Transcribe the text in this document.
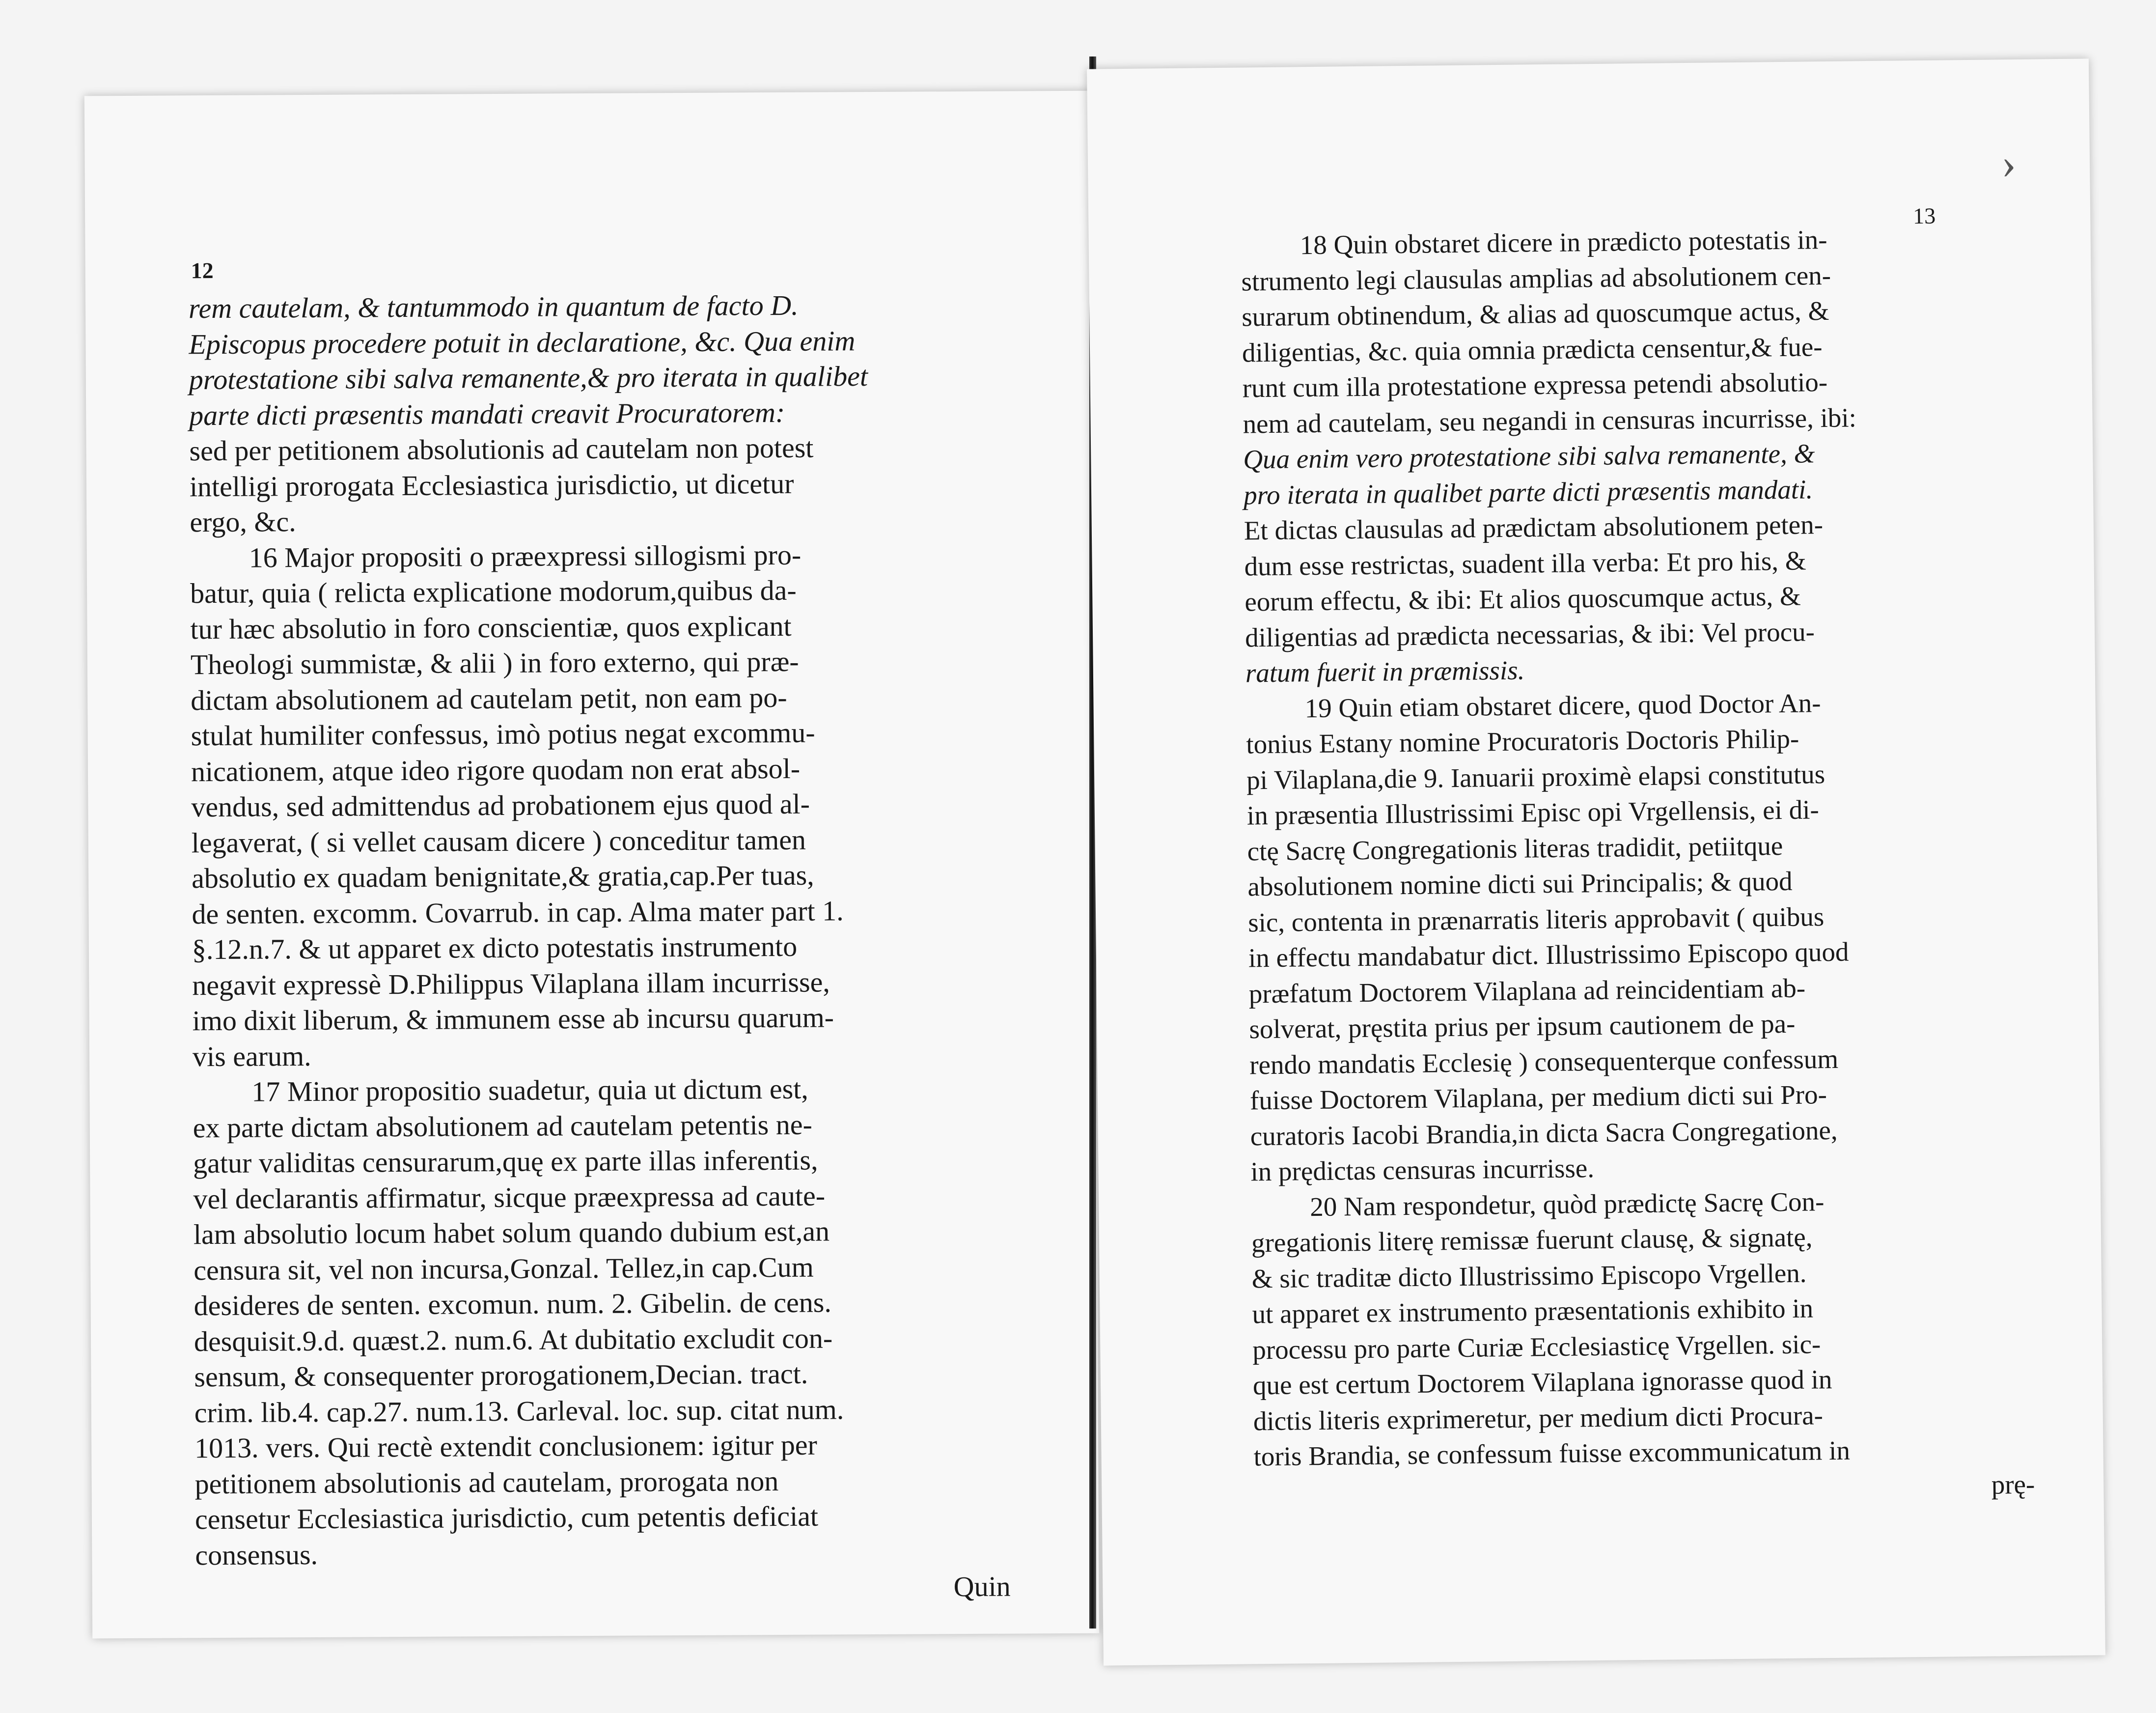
12
rem cautelam, & tantummodo in quantum de facto D.
Episcopus procedere potuit in declaratione, &c. Qua enim
protestatione sibi salva remanente,& pro iterata in qualibet
parte dicti præsentis mandati creavit Procuratorem:
sed per petitionem absolutionis ad cautelam non potest
intelligi prorogata Ecclesiastica jurisdictio, ut dicetur
ergo, &c.
16 Major propositi o præexpressi sillogismi pro-
batur, quia ( relicta explicatione modorum,quibus da-
tur hæc absolutio in foro conscientiæ, quos explicant
Theologi summistæ, & alii ) in foro externo, qui præ-
dictam absolutionem ad cautelam petit, non eam po-
stulat humiliter confessus, imò potius negat excommu-
nicationem, atque ideo rigore quodam non erat absol-
vendus, sed admittendus ad probationem ejus quod al-
legaverat, ( si vellet causam dicere ) conceditur tamen
absolutio ex quadam benignitate,& gratia,cap.Per tuas,
de senten. excomm. Covarrub. in cap. Alma mater part 1.
§.12.n.7. & ut apparet ex dicto potestatis instrumento
negavit expressè D.Philippus Vilaplana illam incurrisse,
imo dixit liberum, & immunem esse ab incursu quarum-
vis earum.
17 Minor propositio suadetur, quia ut dictum est,
ex parte dictam absolutionem ad cautelam petentis ne-
gatur validitas censurarum,quę ex parte illas inferentis,
vel declarantis affirmatur, sicque præexpressa ad caute-
lam absolutio locum habet solum quando dubium est,an
censura sit, vel non incursa,Gonzal. Tellez,in cap.Cum
desideres de senten. excomun. num. 2. Gibelin. de cens.
desquisit.9.d. quæst.2. num.6. At dubitatio excludit con-
sensum, & consequenter prorogationem,Decian. tract.
crim. lib.4. cap.27. num.13. Carleval. loc. sup. citat num.
1013. vers. Qui rectè extendit conclusionem: igitur per
petitionem absolutionis ad cautelam, prorogata non
censetur Ecclesiastica jurisdictio, cum petentis deficiat
consensus.
Quin
13
18 Quin obstaret dicere in prædicto potestatis in-
strumento legi clausulas amplias ad absolutionem cen-
surarum obtinendum, & alias ad quoscumque actus, &
diligentias, &c. quia omnia prædicta censentur,& fue-
runt cum illa protestatione expressa petendi absolutio-
nem ad cautelam, seu negandi in censuras incurrisse, ibi:
Qua enim vero protestatione sibi salva remanente, &
pro iterata in qualibet parte dicti præsentis mandati.
Et dictas clausulas ad prædictam absolutionem peten-
dum esse restrictas, suadent illa verba: Et pro his, &
eorum effectu, & ibi: Et alios quoscumque actus, &
diligentias ad prædicta necessarias, & ibi: Vel procu-
ratum fuerit in præmissis.
19 Quin etiam obstaret dicere, quod Doctor An-
tonius Estany nomine Procuratoris Doctoris Philip-
pi Vilaplana,die 9. Ianuarii proximè elapsi constitutus
in præsentia Illustrissimi Episc opi Vrgellensis, ei di-
ctę Sacrę Congregationis literas tradidit, petiitque
absolutionem nomine dicti sui Principalis; & quod
sic, contenta in prænarratis literis approbavit ( quibus
in effectu mandabatur dict. Illustrissimo Episcopo quod
præfatum Doctorem Vilaplana ad reincidentiam ab-
solverat, pręstita prius per ipsum cautionem de pa-
rendo mandatis Ecclesię ) consequenterque confessum
fuisse Doctorem Vilaplana, per medium dicti sui Pro-
curatoris Iacobi Brandia,in dicta Sacra Congregatione,
in prędictas censuras incurrisse.
20 Nam respondetur, quòd prædictę Sacrę Con-
gregationis literę remissæ fuerunt clausę, & signatę,
& sic traditæ dicto Illustrissimo Episcopo Vrgellen.
ut apparet ex instrumento præsentationis exhibito in
processu pro parte Curiæ Ecclesiasticę Vrgellen. sic-
que est certum Doctorem Vilaplana ignorasse quod in
dictis literis exprimeretur, per medium dicti Procura-
toris Brandia, se confessum fuisse excommunicatum in
prę-
›
